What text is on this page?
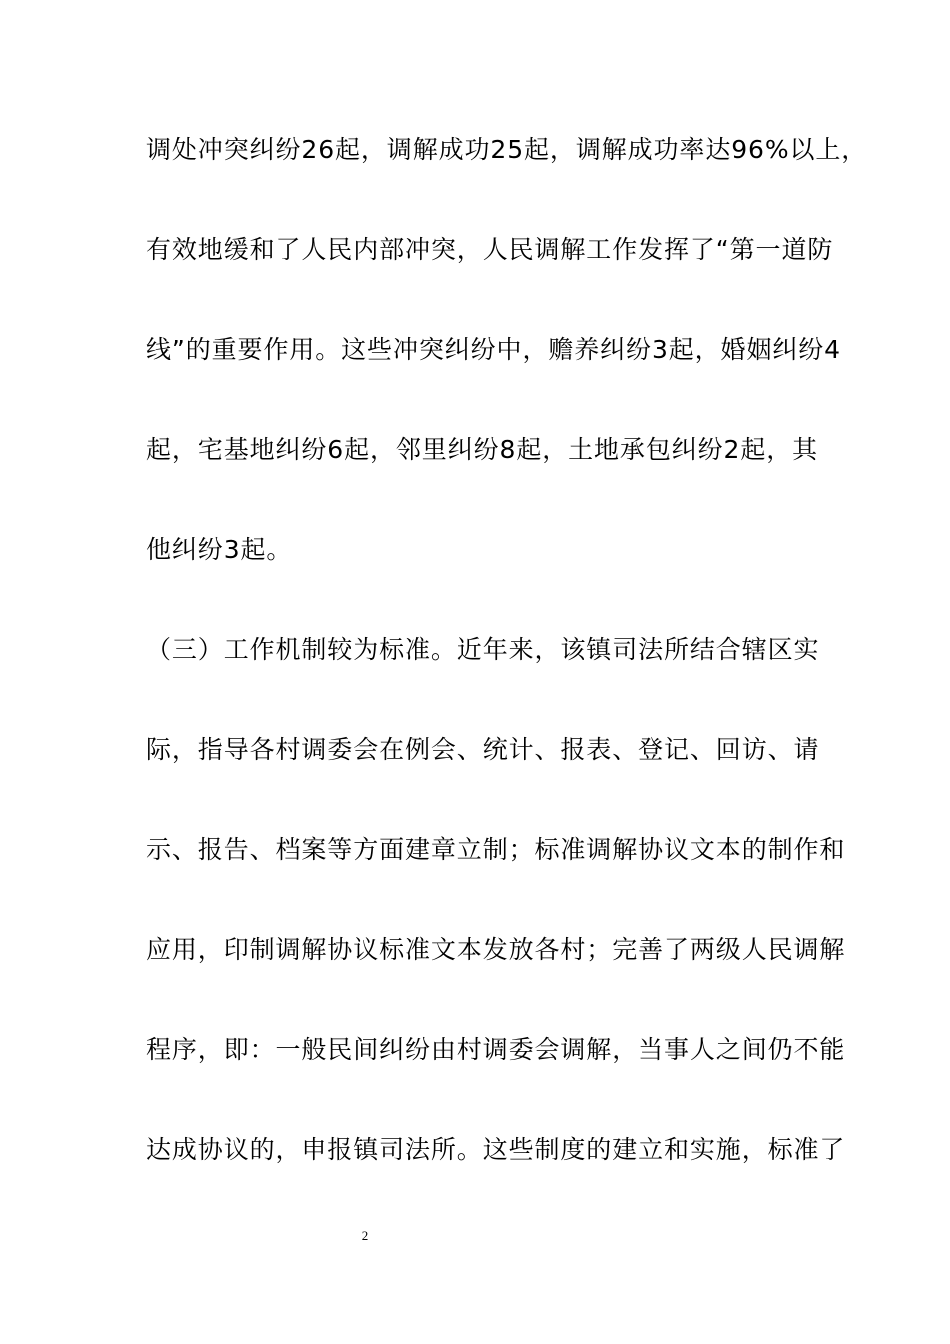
调处冲突纠纷26起，调解成功25起，调解成功率达96%以上，
有效地缓和了人民内部冲突，人民调解工作发挥了“第一道防
线”的重要作用。这些冲突纠纷中，赡养纠纷3起，婚姻纠纷4
起，宅基地纠纷6起，邻里纠纷8起，土地承包纠纷2起，其
他纠纷3起。
（三）工作机制较为标准。近年来，该镇司法所结合辖区实
际，指导各村调委会在例会、统计、报表、登记、回访、请
示、报告、档案等方面建章立制；标准调解协议文本的制作和
应用，印制调解协议标准文本发放各村；完善了两级人民调解
程序，即：一般民间纠纷由村调委会调解，当事人之间仍不能
达成协议的，申报镇司法所。这些制度的建立和实施，标准了
2
